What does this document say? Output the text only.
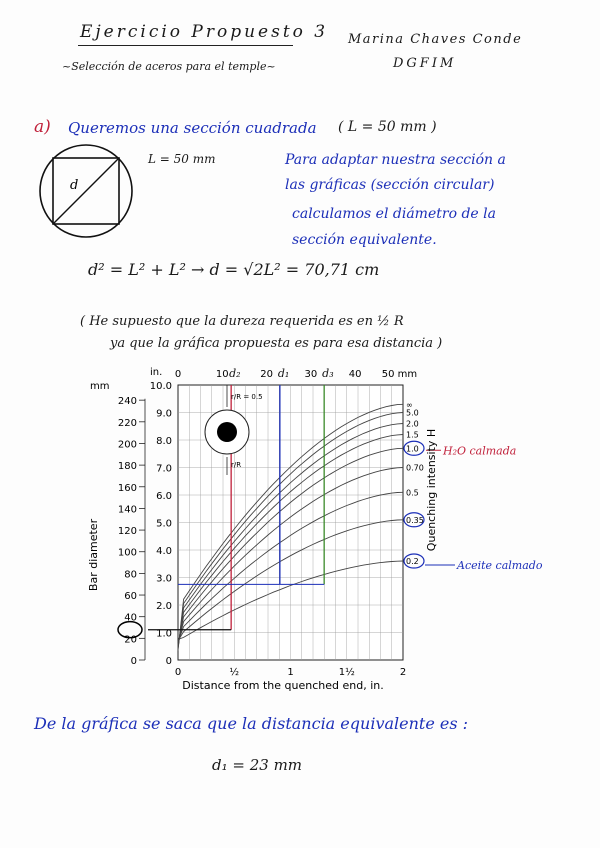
Ejercicio Propuesto 3
~Selección de aceros para el temple~
Marina Chaves Conde
DGFIM
a) Queremos una sección cuadrada ( L = 50 mm )
d
L = 50 mm	Para adaptar nuestra sección a
las gráficas (sección circular)
calculamos el diámetro de la
sección equivalente.
d² = L² + L² → d = √2L² = 70,71 cm
( He supuesto que la dureza requerida es en ½ R
ya que la gráfica propuesta es para esa distancia )
0
1.0
2.0
3.0
4.0
5.0
6.0
7.0
8.0
9.0
10.0
0
20
40
60
80
100
120
140
160
180
200
220
240
0	½	1	1½	2
0	10	20	30	40 50 mm
∞
5.0
2.0
1.5
1.0
0.70
0.5
0.35
0.2
d₂	d₁	d₃
H₂O calmada
Aceite calmado
r/R = 0.5
r/R
Bar diameter
Quenching intensity H
Distance from the quenched end, in.
mm
in.
De la gráfica se saca que la distancia equivalente es :
d₁ = 23 mm
